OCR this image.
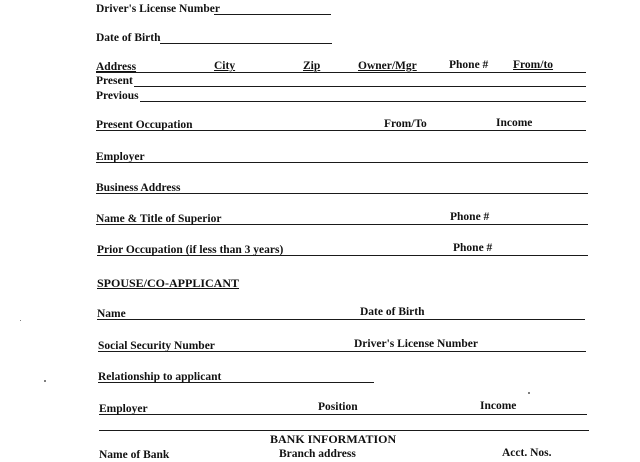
Driver's License Number
Date of Birth
Address	City	Zip	Owner/Mgr	Phone # From/to
Present
Previous
Present Occupation	From/To	Income
Employer
Business Address
Name & Title of Superior	Phone #
Prior Occupation (if less than 3 years)	Phone #
SPOUSE/CO-APPLICANT
Name	Date of Birth
Social Security Number	Driver's License Number
Relationship to applicant
Employer	Position	Income
BANK INFORMATION
Name of Bank	Branch address	Acct. Nos.
